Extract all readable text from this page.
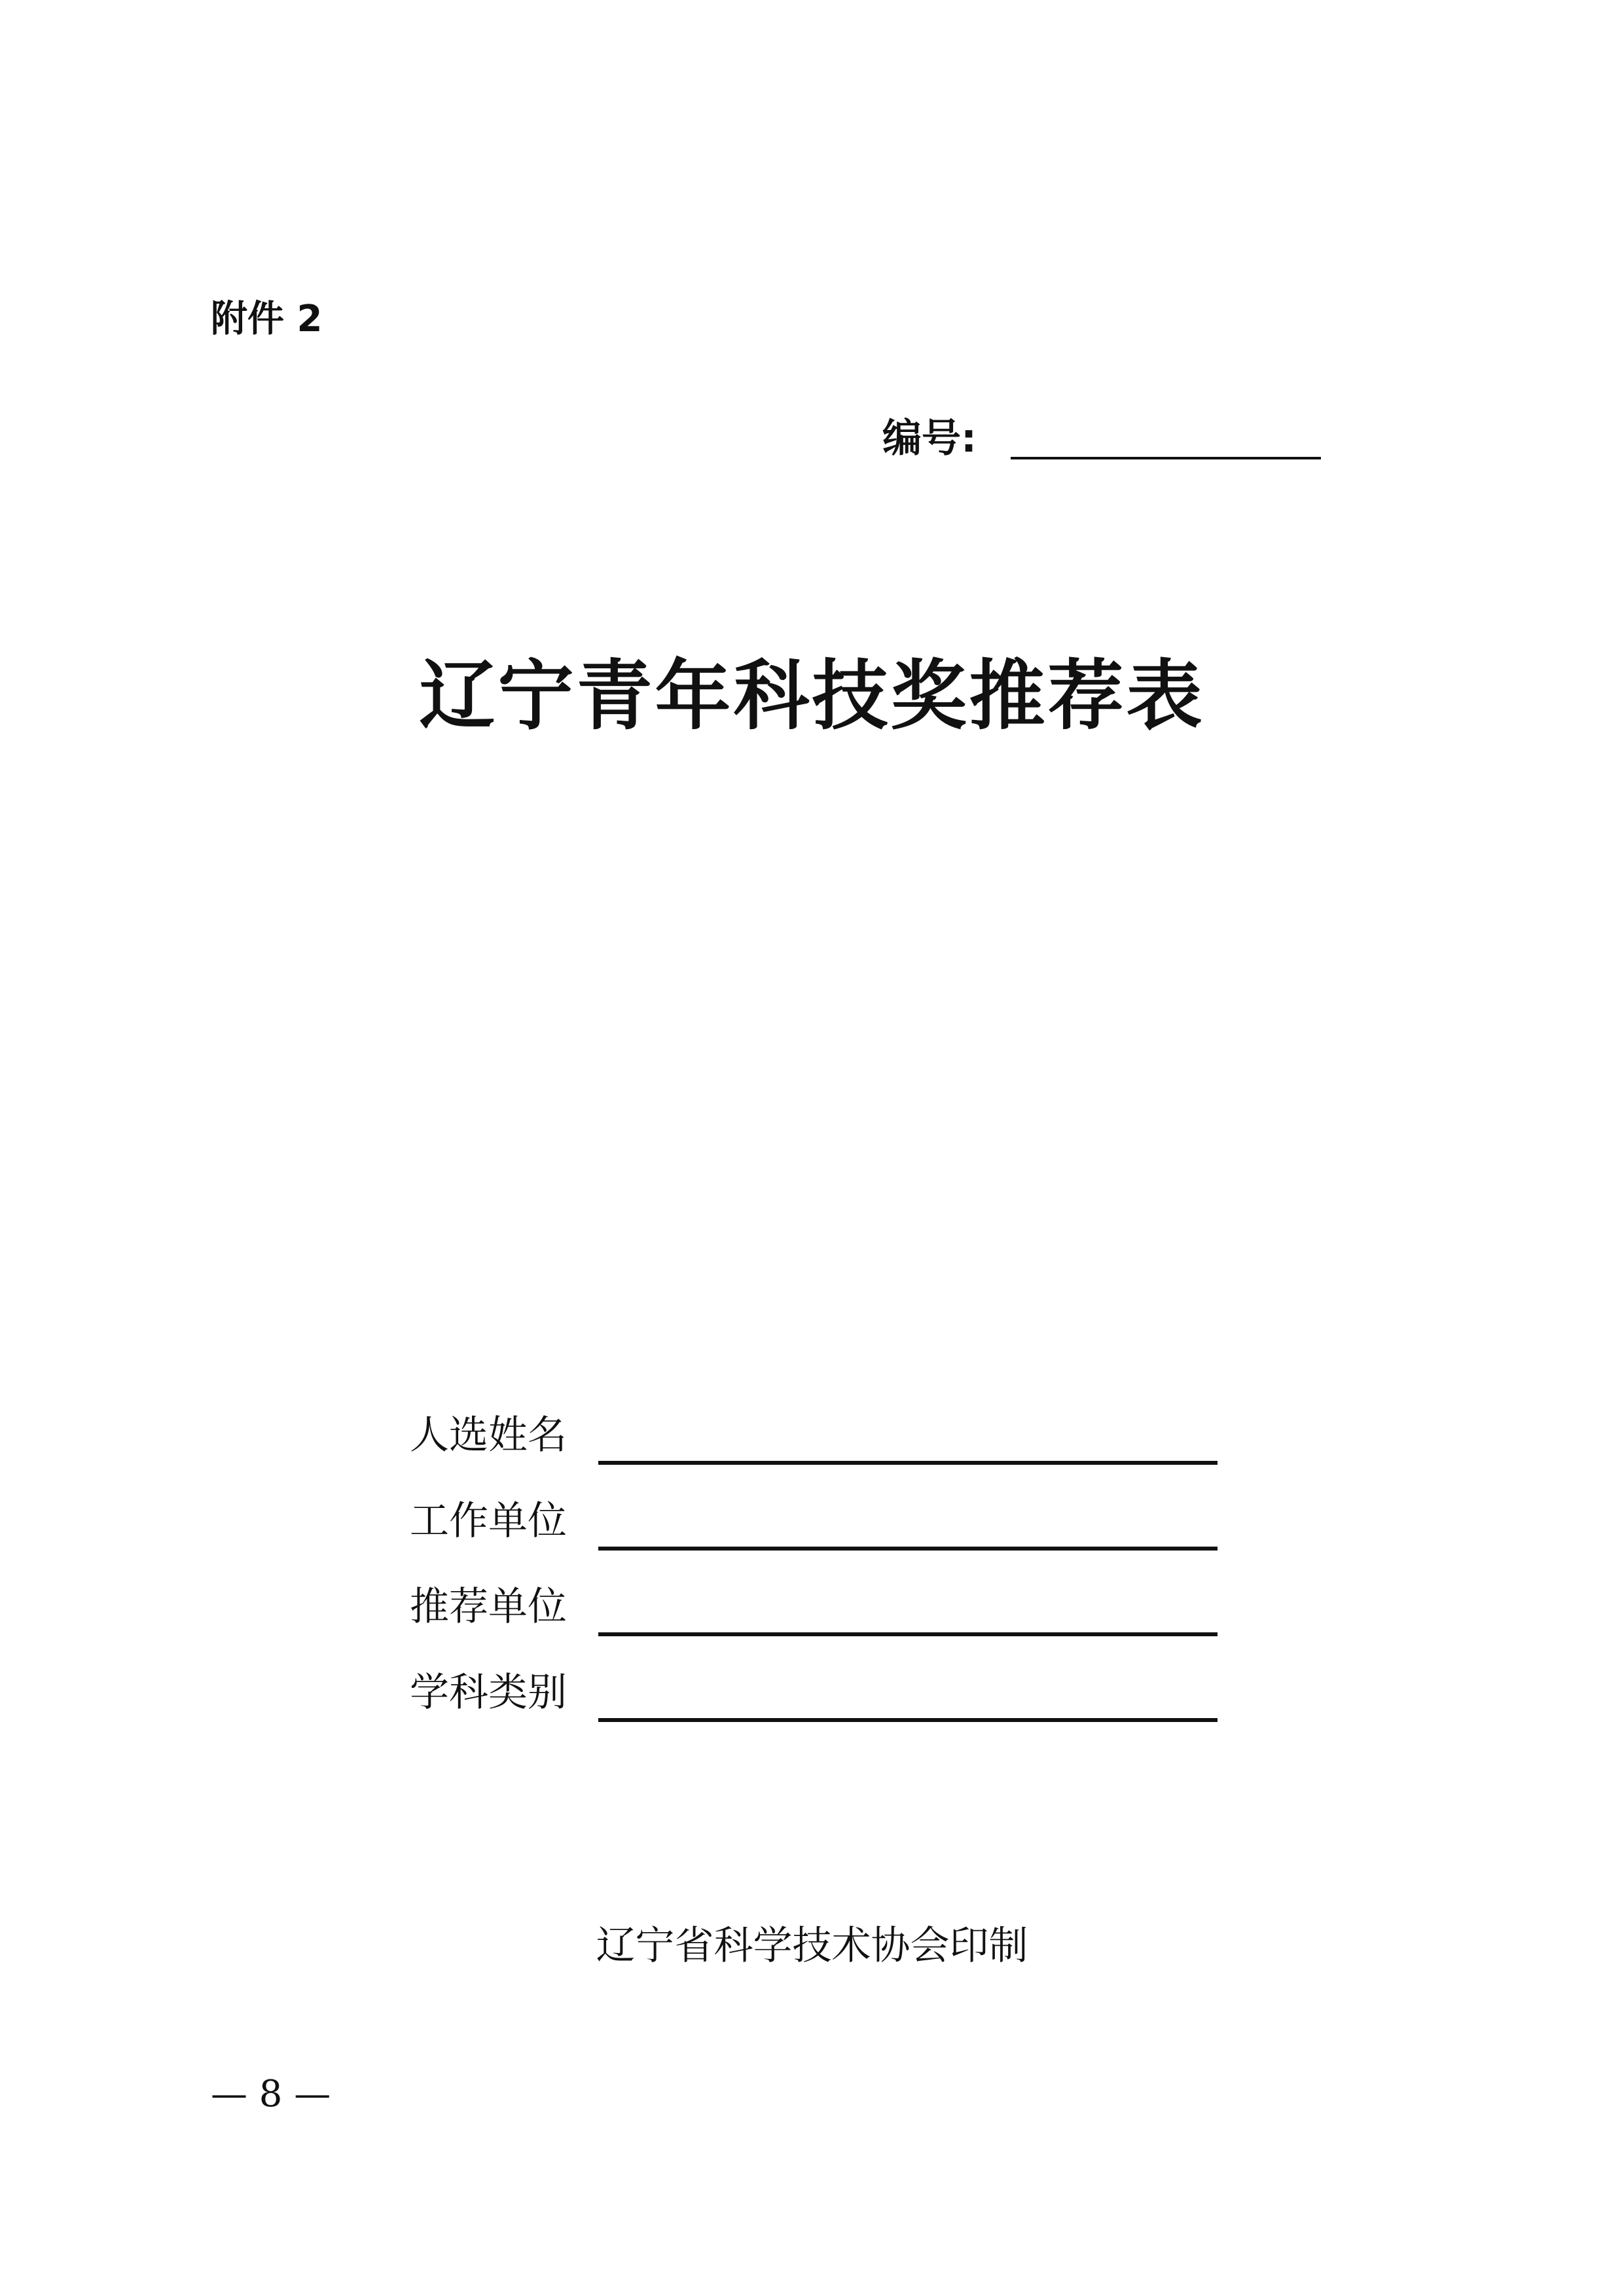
附件 2
编号:
辽宁青年科技奖推荐表
人选姓名
工作单位
推荐单位
学科类别
辽宁省科学技术协会印制
— 8 —
